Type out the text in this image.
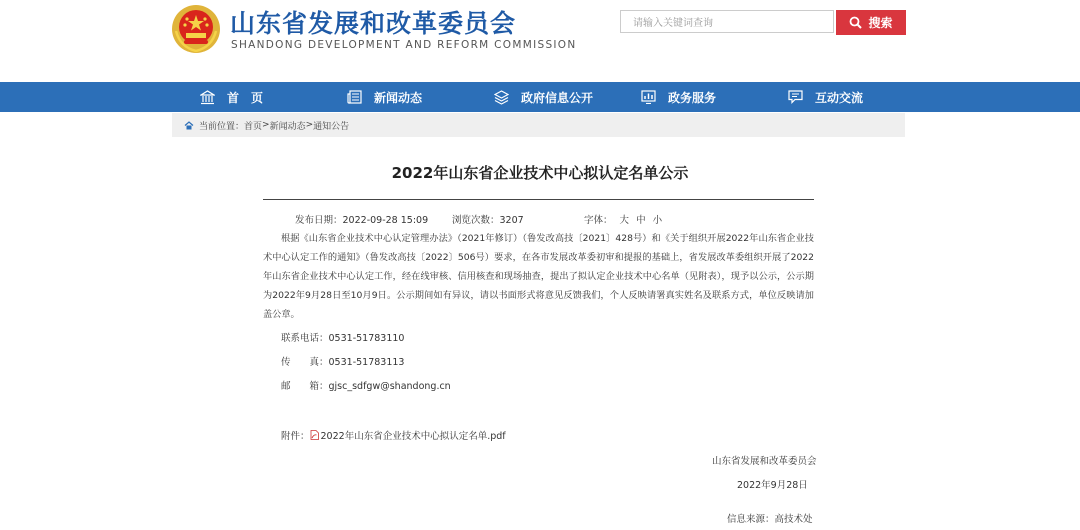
山东省发展和改革委员会
SHANDONG DEVELOPMENT AND REFORM COMMISSION
请输入关键词查询
搜索
首　页	新闻动态	政府信息公开	政务服务	互动交流
当前位置： 首页 > 新闻动态 > 通知公告
2022年山东省企业技术中心拟认定名单公示
发布日期：2022-09-28 15:09	浏览次数：3207	字体： 大 中 小
根据《山东省企业技术中心认定管理办法》（2021年修订）（鲁发改高技〔2021〕428号）和《关于组织开展2022年山东省企业技术中心认定工作的通知》（鲁发改高技〔2022〕506号）要求，在各市发展改革委初审和提报的基础上，省发展改革委组织开展了2022年山东省企业技术中心认定工作，经在线审核、信用核查和现场抽查，提出了拟认定企业技术中心名单（见附表），现予以公示，公示期为2022年9月28日至10月9日。公示期间如有异议，请以书面形式将意见反馈我们，个人反映请署真实姓名及联系方式，单位反映请加盖公章。
联系电话：0531-51783110
传　　真：0531-51783113
邮　　箱：gjsc_sdfgw@shandong.cn
附件： 2022年山东省企业技术中心拟认定名单.pdf
山东省发展和改革委员会
2022年9月28日
信息来源：高技术处
